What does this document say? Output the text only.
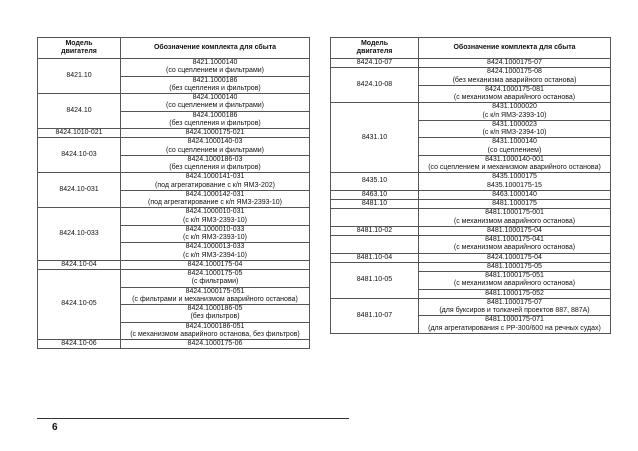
Модель
двигателя	Обозначение комплекта для сбыта
8421.10	8421.1000140
(со сцеплением и фильтрами)

	8421.1000186
(без сцепления и фильтров)

8424.10	8424.1000140
(со сцеплением и фильтрами)

	8424.1000186
(без сцепления и фильтров)

8424.1010-021	8424.1000175-021

8424.10-03	8424.1000140-03
(со сцеплением и фильтрами)

	8424.1000186-03
(без сцепления и фильтров)

8424.10-031	8424.1000141-031
(под агрегатирование с к/п ЯМЗ-202)

	8424.1000142-031
(под агрегатирование с к/п ЯМЗ-2393-10)

8424.10-033	8424.1000010-031
(с к/п ЯМЗ-2393-10)

	8424.1000010-033
(с к/п ЯМЗ-2393-10)

	8424.1000013-033
(с к/п ЯМЗ-2394-10)

8424.10-04	8424.1000175-04

8424.10-05	8424.1000175-05
(с фильтрами)

	8424.1000175-051
(с фильтрами и механизмом аварийного останова)

	8424.1000186-05
(без фильтров)

	8424.1000186-051
(с механизмом аварийного останова, без фильтров)

8424.10-06	8424.1000175-06
Модель
двигателя	Обозначение комплекта для сбыта
8424.10-07	8424.1000175-07

8424.10-08	8424.1000175-08
(без механизма аварийного останова)

	8424.1000175-081
(с механизмом аварийного останова)

8431.10	8431.1000020
(с к/п ЯМЗ-2393-10)

	8431.1000023
(с к/п ЯМЗ-2394-10)

	8431.1000140
(со сцеплением)

	8431.1000140-001
(со сцеплением и механизмом аварийного останова)

8435.10	8435.1000175
8435.1000175-15

8463.10	8463.1000140

8481.10	8481.1000175

	8481.1000175-001
(с механизмом аварийного останова)

8481.10-02	8481.1000175-04

	8481.1000175-041
(с механизмом аварийного останова)

8481.10-04	8424.1000175-04

8481.10-05	8481.1000175-05

	8481.1000175-051
(с механизмом аварийного останова)

	8481.1000175-052

8481.10-07	8481.1000175-07
(для буксиров и толкачей проектов 887, 887А)

	8481.1000175-071
(для агрегатирования с РР-300/600 на речных судах)
6
